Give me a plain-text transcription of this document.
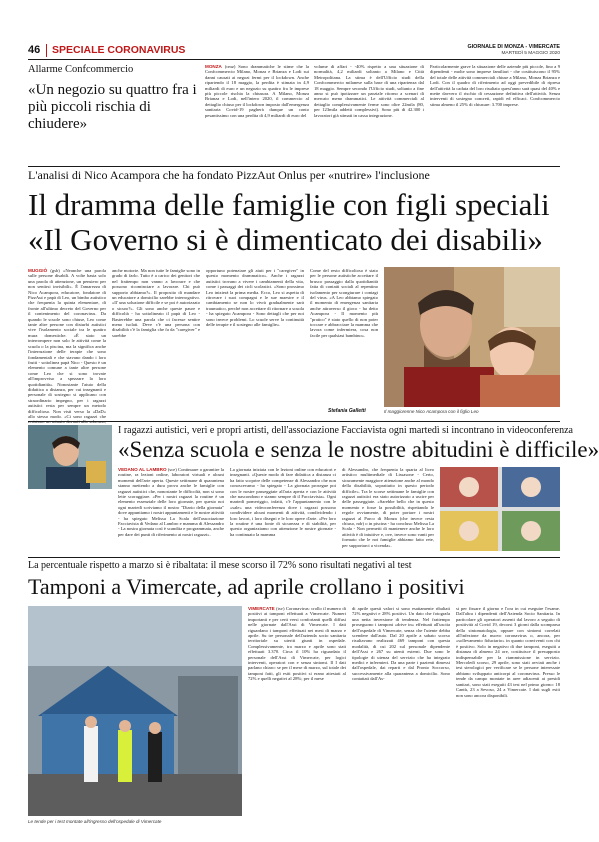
46 SPECIALE CORONAVIRUS	GIORNALE DI MONZA - VIMERCATE
MARTEDÌ 5 MAGGIO 2020
Allarme Confcommercio
«Un negozio su quattro fra i più piccoli rischia di chiudere»
MONZA (cmz) Sono drammatiche le stime che la Confcommercio Milano, Monza e Brianza e Lodi sui danni causati ai negozi fermi per il lockdown. Anche ripartendo il 18 maggio, la perdita è stimata in 4,9 miliardi di euro e un negozio su quattro fra le imprese più piccole rischia la chiusura. A Milano, Monza Brianza e Lodi, nell'intero 2020, il commercio al dettaglio chiuso per il lockdown imposto dall'emergenza sanitaria Covid-19 pagherà dunque un conto pesantissimo con una perdita di 4,9 miliardi di euro del
volume di affari - -40% rispetto a una situazione di normalità, 4,2 miliardi soltanto a Milano e Città Metropolitana. La stima è dell'Ufficio studi della Confcommercio milanese sulla base di una ripartenza dal 18 maggio. Sempre secondo l'Ufficio studi, soltanto a fine anno si può ipotizzare un parziale ritorno a scenari di mercato meno drammatici. Le attività commerciali al dettaglio complessivamente ferme sono oltre 22mila (80, per 123mila addetti complessivi). Sono più di 42.300 i lavoratori già stimati in cassa integrazione.
Particolarmente grave la situazione delle aziende più piccole, fino a 9 dipendenti - molte sono imprese familiari - che costituiscono il 95% del totale delle attività commerciali chiuse a Milano, Monza Brianza e Lodi. Con il quadro di riferimento ad oggi prevedibile di ripresa dell'attività la caduta del loro risultato quest'anno sarà quasi del 40% e mette davvero il rischio di cessazione definitiva dell'attività. Senza interventi di sostegno concreti, rapidi ed efficaci. Confcommercio stima almeno il 25% di chiusure: 3.700 imprese.
L'analisi di Nico Acampora che ha fondato PizzAut Onlus per «nutrire» l'inclusione
Il dramma delle famiglie con figli speciali
«Il Governo si è dimenticato dei disabili»
MUGGIÒ (gsb) «Neanche una parola sulle persone disabili. A volte basta solo una parola di attenzione, un pensiero per non sentirsi invisibili». È l'amarezza di Nico Acampora, educatore, fondatore di PizzAut e papà di Leo, un bimbo autistico che frequenta la quinta elementare, di fronte all'ultimo decreto del Governo per il contenimento del coronavirus. Da quando le scuole sono chiuse, Leo come tante altre persone con disturbi autistici vive l'isolamento sociale tra le quattro mura domestiche. «È stato un interrompere non solo le attività come la scuola o la piscina, ma la significa anche l'interruzione delle terapie che sono fondamentali e che stavano dando i loro frutti - sottolinea papà Nico - Questo è un elemento comune a tante altre persone come Leo che si sono trovate all'improvviso a spezzare la loro quotidianità». Nonostante l'aiuto della didattica a distanza, per cui insegnanti e personale di sostegno si applicano con straordinario impegno, per i ragazzi autistici resta per sempre un metodo difficoltoso. Non visti verso la «DaD» allo stesso modo. «Ci sono ragazzi che
anche motorie. Ma non tutte le famiglie sono in grado di farlo. Tutto è a carico dei genitori che nel frattempo non vanno a lavorare e che possono ricominciare a lavorare. Chi può supporto abbiamo?». Il proposito di mandare un educatore a domicilio sarebbe interrogativo. «Il' una soluzione difficile e se poi è autorizzato o sicuro?». Gli sono anche queste paure e difficoltà - ha sottolineato il papà di Leo - Basterebbe una parola che ci facesse sentire meno isolati. Deve c'è una persona con disabilità c'è la famiglia che fa da "caregiver" e sarebbe
opportuno potenziare gli aiuti per i "caregiver" in questo momento drammatico». Anche i ragazzi autistici trovano a vivere i cambiamenti della vita, come i passaggi dei cicli scolastici. «Sono prossimo Leo inizierà la prima media. Ecco, Leo si aspetta di ritrovare i suoi compagni e le sue maestre e il cambiamento se non lo vivrà gradualmente sarà traumatico, perché non accettare di ritornare a scuola - ha spiegato Acampora - Sono dettagli che per noi sono invece problemi. Lo scuole serve la continuità delle terapie e il sostegno alle famiglie».
Come del resto difficoltoso è stato per le persone autistiche accettare il brusco passaggio dalla quotidianità fatta di contatti sociali al repentino isolamento per scongiurare i contagi del virus. «A Leo abbiamo spiegato il momento di emergenza sanitaria anche attraverso il gioco - ha detto Acampora - Il momento più "pratico" è stato quello di non poter toccare e abbracciare la mamma che lavora come infermiera, cosa non facile per qualsiasi bambino».
Stefania Galletti	Il maggiorenne Nico Acampora con il figlio Leo
I ragazzi autistici, veri e propri artisti, dell'associazione Facciavista ogni martedì si incontrano in videoconferenza
«Senza scuola e senza le nostre abitudini è difficile»
VEDANO AL LAMBRO (sce) Continuare a garantire la routine, ra lezioni online, laboratori virtuali e alcuni momenti dell'arte aperta. Queste settimane di quarantena stanno mettendo a dura prova anche le famiglie con ragazzi autistici che, nonostante le difficoltà, non si sono lette scoraggiare. «Per i nostri ragazzi la routine è un elemento essenziale delle loro giornate, per questo noi ogni martedì scriviamo il nostro "Diario della giornata" dove appuntiamo i nostri appuntamenti e le nostre attività - ha spiegato Melissa La Scala dell'associazione Facciavista di Vedano al Lambro e mamma di Alessandro - La nostra giornata così è scandita e programmata, anche per dare dei punti di riferimento ai nostri ragazzi».
La giornata iniziata con le lezioni online con educatori e insegnanti. «Queste modo di fare didattica a distanza ci ha fatto scoprire delle competenze di Alessandro che non conoscevamo - ha spiegato - La giornata prosegue poi con le nostre passeggiate all'aria aperta e con le attività che nascondono e stanno sempre di il Facciavista». Ogni martedì pomeriggio, infatti, c'è l'appuntamento con le «sale» una videoconferenza dove i ragazzi possono condividere alcuni momenti di attività, condividendo i loro lavori, i loro disegni e le loro opere d'arte. «Per loro la routine è una fonte di sicurezza e di stabilità, per questo organizziamo con attenzione le nostre giornate - ha continuato la mamma
di Alessandro, che frequenta la quarta al liceo artistico multimediale di Lissasone - Certo, sicuramente maggiore attenzione anche al mondo della disabilità, soprattutto in questo periodo difficile». Tra le scorse settimane le famiglie con ragazzi autistici era stato autorizzato a uscire per delle passeggiate. «Sarebbe bello che in questo momento e fosse la possibilità, rispettando le regole ovviamente, di poter portare i nostri ragazzi al Parco di Monza (che invece resta chiuso, ndr) o in piscina - ha concluso Melissa La Scala - Non permetti di mantenere anche le loro attività è di intuitive e, ove, invece sono vanti per formato che le noi famiglie abbiamo fatto rete, per supportarci a vicenda».
La percentuale rispetto a marzo si è ribaltata: il mese scorso il 72% sono risultati negativi al test
Tamponi a Vimercate, ad aprile crollano i positivi
Le tende per i test montate all'ingresso dell'ospedale di Vimercate
VIMERCATE (tsv) Coronavirus: crollo il numero di positivi ai tamponi effettuati a Vimercate. Numeri importanti e per certi versi confortanti quelli diffusi nelle giornate dall'Asst di Vimercate. I dati riguardano i tamponi effettuati nei mesi di marzo e aprile. Su tre personale dell'azienda socio sanitaria territoriale su uteriti giunti in ospedale. Complessivamente, tra marzo e aprile sono stati effettuati 3.370. Circa il 10% ha riguardato il personale dell'Asst di Vimercate, per logici interventi, operatori con e senza sintomi. Il I dati parlano chiaro: se per il mese di marzo, sul totale dei tamponi fatti, gli esiti positivi si erano attestati al 72% e quelli negativi al 28%; per il mese
di aprile questi valori si sono esattamente ribaltati 72% negativi e 28% positivi. Un dato che fotografa una netta inversione di tendenza. Nel frattempo proseguono i tamponi «drive in» effettuati all'uscita dell'ospedale di Vimercate, senza che l'utente debba scendere dall'auto. Dal 20 aprile a sabato scorso risultavano realizzati 469 tamponi con questa modalità, di cui 202 sul personale dipendente dell'Asst e 267 su utenti esterni. Due sono le tipologie di utenza del servizio che ha integrato medici e infermieri. Da una parte i pazienti dimessi dall'ospedale, dai reparti e dal Pronto Soccorso, successivamente alla quarantena a domicilio. Sono contattati dall'As-
st per fissare il giorno e l'ora in cui eseguire l'esame. Dall'altra i dipendenti dell'Azienda Socio Sanitaria. In particolare gli operatori assenti dal lavoro a seguito di positività al Covid 19, decorsi 3 giorni dalla scomparsa della sintomatologia, oppure con sintomi correlati all'infezione da nuovo coronavirus o, ancora, per «sollevamento fiduciario» in quanto conviventi con chi è positivo. Solo in negativo di due tamponi, eseguiti a distanza di almeno 24 ore, costituisce il presupposto indispensabile per la riammissione in servizio. Mercoledì scorso, 29 aprile, sono stati avviati anche i test sierologici per verificare se le persone interessate abbiano sviluppato anticorpi al coronavirus. Presso le tende da campo montate in aree adiacenti ai presidi sanitari, sono stati eseguiti 43 test nel primo giorno: 18 Cantù, 23 a Sevoso, 24 a Vimercate. I dati sugli esiti non sono ancora disponibili.
